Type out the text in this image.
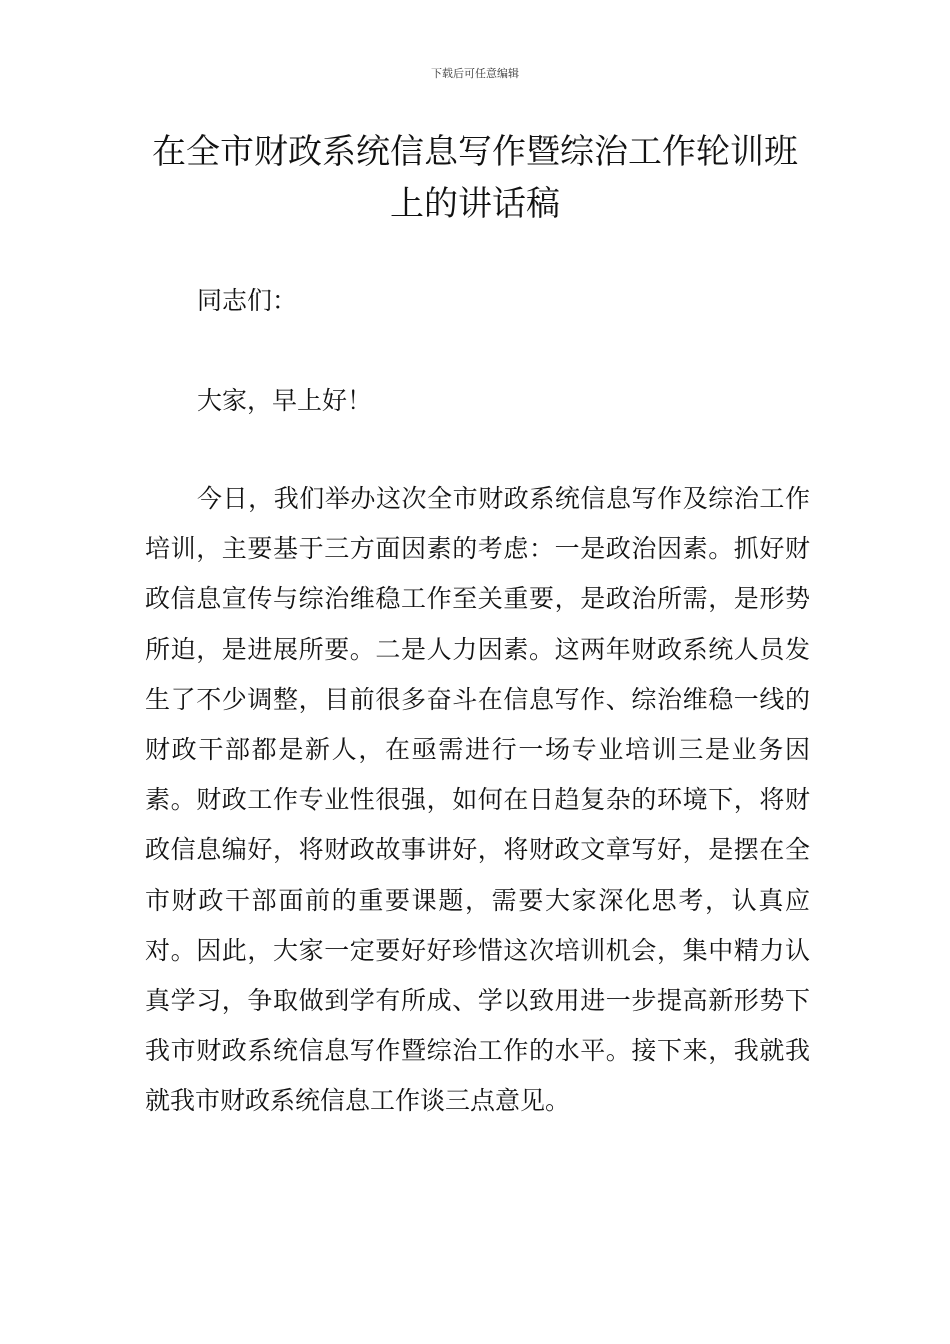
下载后可任意编辑
在全市财政系统信息写作暨综治工作轮训班上的讲话稿

同志们：

大家，早上好！

今日，我们举办这次全市财政系统信息写作及综治工作培训，主要基于三方面因素的考虑：一是政治因素。抓好财政信息宣传与综治维稳工作至关重要，是政治所需，是形势所迫，是进展所要。二是人力因素。这两年财政系统人员发生了不少调整，目前很多奋斗在信息写作、综治维稳一线的财政干部都是新人，在亟需进行一场专业培训三是业务因素。财政工作专业性很强，如何在日趋复杂的环境下，将财政信息编好，将财政故事讲好，将财政文章写好，是摆在全市财政干部面前的重要课题，需要大家深化思考，认真应对。因此，大家一定要好好珍惜这次培训机会，集中精力认真学习，争取做到学有所成、学以致用进一步提高新形势下我市财政系统信息写作暨综治工作的水平。接下来，我就我就我市财政系统信息工作谈三点意见。
